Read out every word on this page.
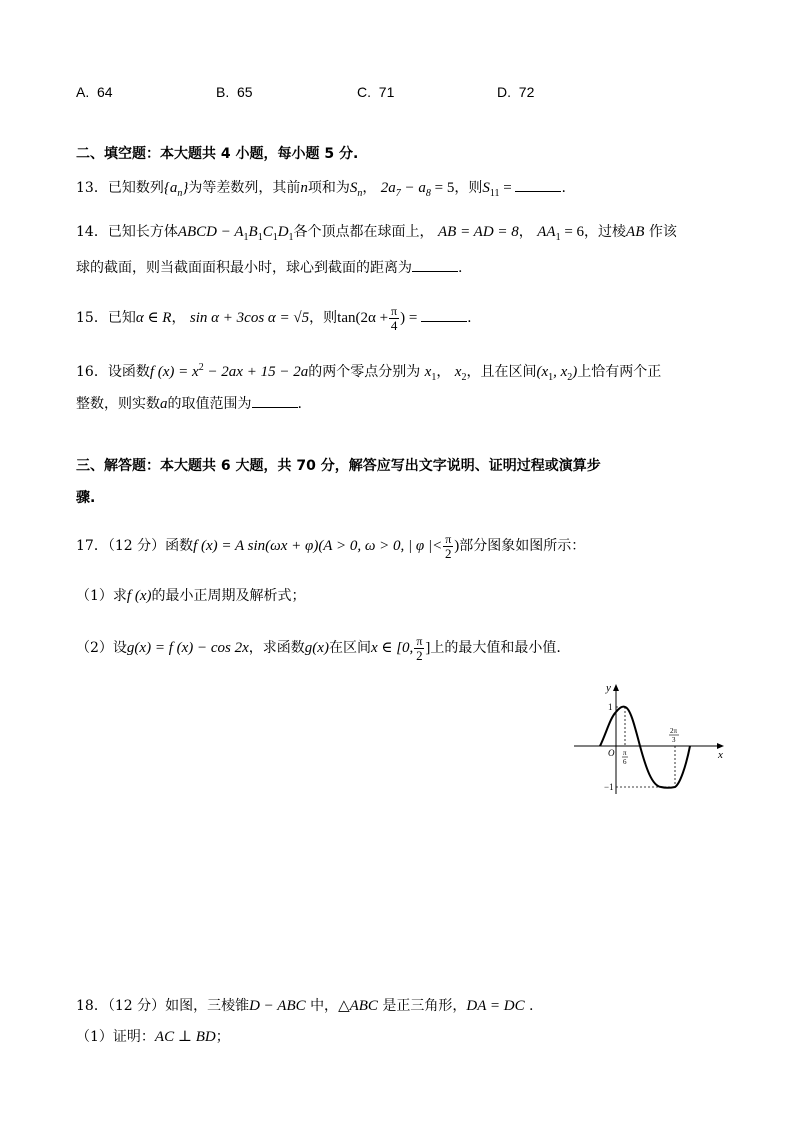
A. 64	B. 65	C. 71	D. 72
二、填空题：本大题共 4 小题，每小题 5 分.
13．已知数列$\{a_n\}$为等差数列，其前n项和为$S_n$， $2a_7 - a_8 = 5$，则$S_{11}$ =	.
14．已知长方体ABCD − $A_1B_1C_1D_1$各个顶点都在球面上， AB = AD = 8， $AA_1 = 6$，过棱AB 作该
球的截面，则当截面面积最小时，球心到截面的距离为	.
15．已知α ∈ R， sin α + 3cos α = √5，则$\tan(2\alpha + \frac{\pi}{4}$ ) =	.
16．设函数f $(x) = x^2 - 2ax + 15 - 2a$的两个零点分别为 $x_1$， $x_2$，且在区间($x_1$, $x_2$)上恰有两个正
整数，则实数a的取值范围为	.
三、解答题：本大题共 6 大题，共 70 分，解答应写出文字说明、证明过程或演算步
骤.
17．（12 分）函数f (x) = A sin(ωx + φ)(A > 0, ω > 0, | φ |< $\frac{\pi}{2}$ )部分图象如图所示：
（1）求f (x)的最小正周期及解析式；
（2）设g(x) = f (x) − cos 2x，求函数g(x)在区间x ∈ [0, $\frac{\pi}{2}$ ]上的最大值和最小值.
y
x
O
1
−1
π
6
2π
3
18．（12 分）如图，三棱锥D − ABC 中，△ABC 是正三角形，DA = DC .
（1）证明：AC ⊥ BD；
